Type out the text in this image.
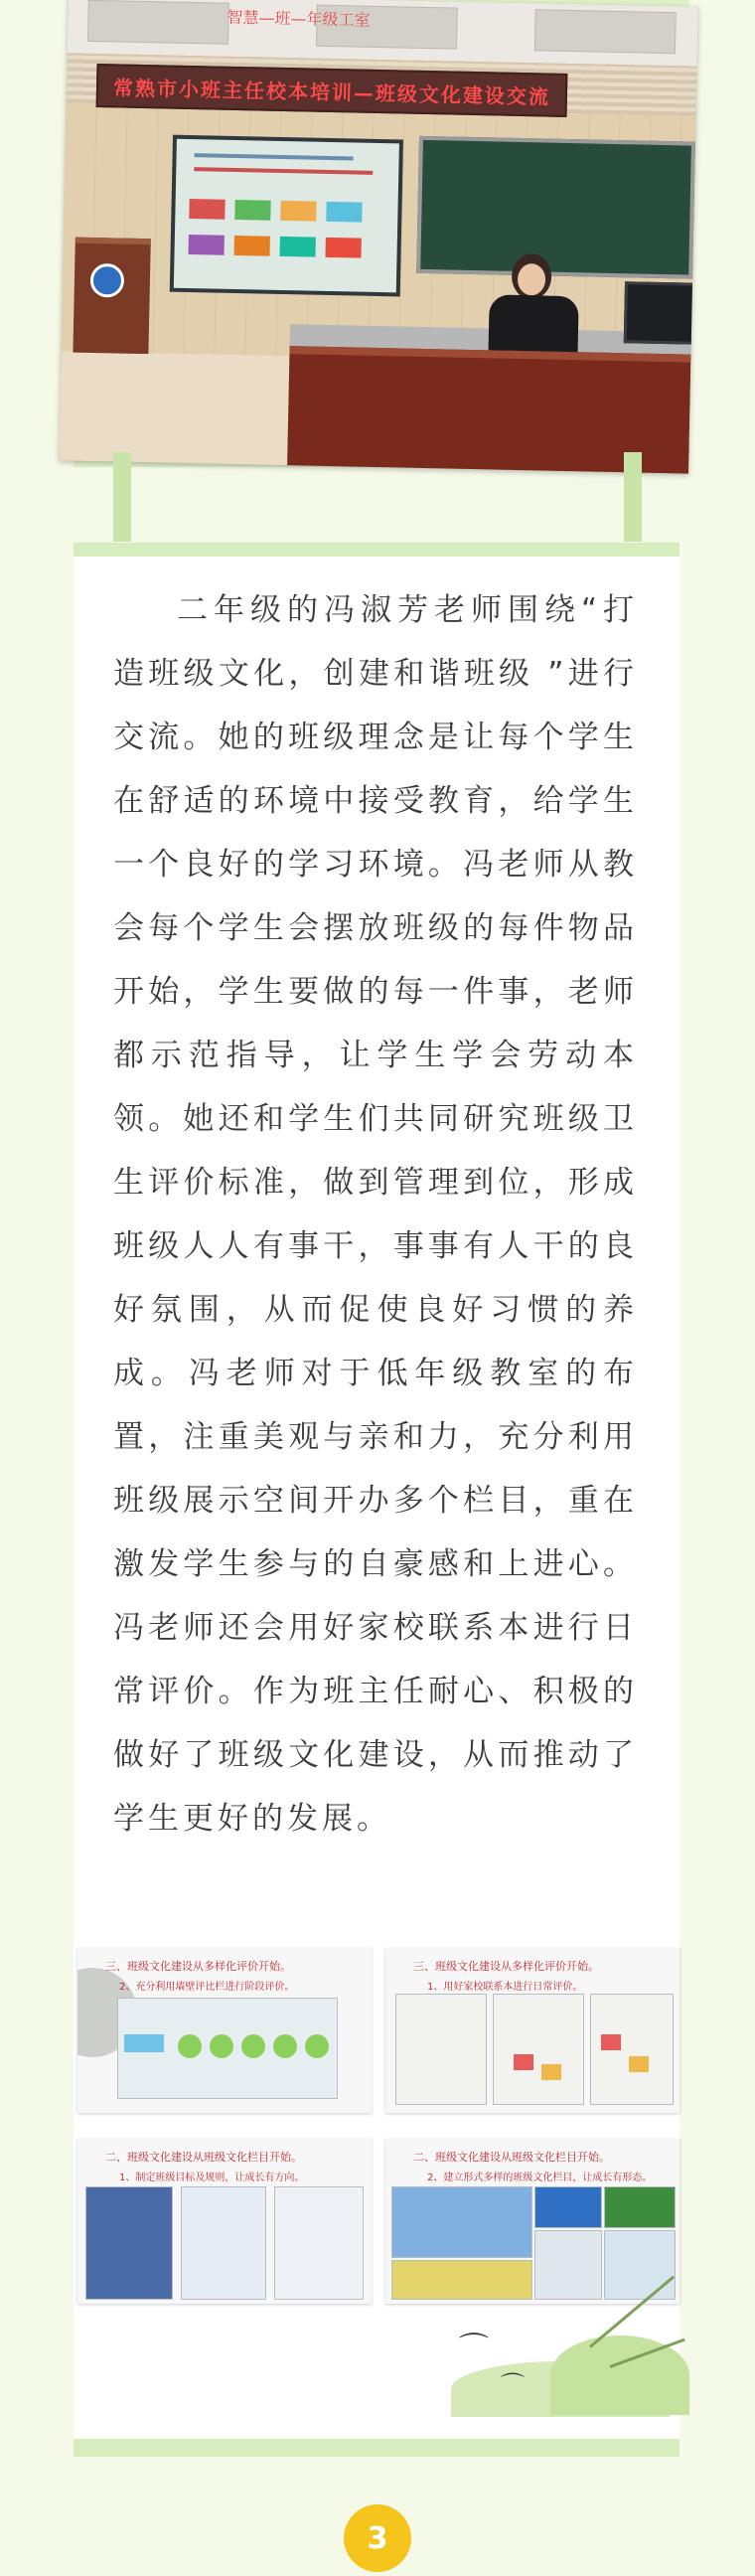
智慧—班—年级工室
常熟市小班主任校本培训—班级文化建设交流

二年级的冯淑芳老师围绕“打造班级文化，创建和谐班级 ”进行交流。她的班级理念是让每个学生在舒适的环境中接受教育，给学生一个良好的学习环境。冯老师从教会每个学生会摆放班级的每件物品开始，学生要做的每一件事，老师都示范指导，让学生学会劳动本领。她还和学生们共同研究班级卫生评价标准，做到管理到位，形成班级人人有事干，事事有人干的良好氛围，从而促使良好习惯的养成。冯老师对于低年级教室的布置，注重美观与亲和力，充分利用班级展示空间开办多个栏目，重在激发学生参与的自豪感和上进心。冯老师还会用好家校联系本进行日常评价。作为班主任耐心、积极的做好了班级文化建设，从而推动了学生更好的发展。

三、班级文化建设从多样化评价开始。
2、充分利用墙壁评比栏进行阶段评价。
三、班级文化建设从多样化评价开始。
1、用好家校联系本进行日常评价。
二、班级文化建设从班级文化栏目开始。
1、制定班级目标及规则，让成长有方向。
二、班级文化建设从班级文化栏目开始。
2、建立形式多样的班级文化栏目，让成长有形态。
⌒
⌒
3
